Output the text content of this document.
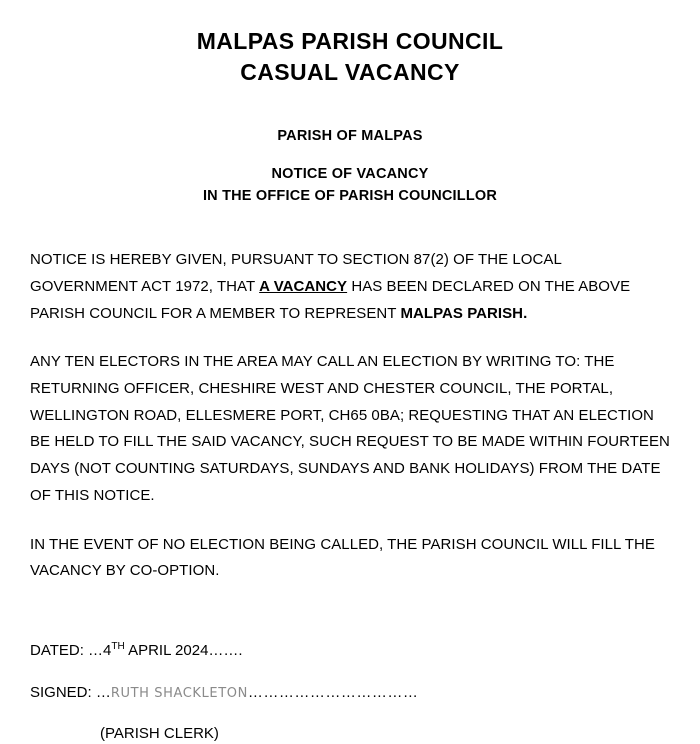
MALPAS PARISH COUNCIL
CASUAL VACANCY
PARISH OF MALPAS
NOTICE OF VACANCY
IN THE OFFICE OF PARISH COUNCILLOR

NOTICE IS HEREBY GIVEN, PURSUANT TO SECTION 87(2) OF THE LOCAL GOVERNMENT ACT 1972, THAT A VACANCY HAS BEEN DECLARED ON THE ABOVE PARISH COUNCIL FOR A MEMBER TO REPRESENT MALPAS PARISH.

ANY TEN ELECTORS IN THE AREA MAY CALL AN ELECTION BY WRITING TO: THE RETURNING OFFICER, CHESHIRE WEST AND CHESTER COUNCIL, THE PORTAL, WELLINGTON ROAD, ELLESMERE PORT, CH65 0BA; REQUESTING THAT AN ELECTION BE HELD TO FILL THE SAID VACANCY, SUCH REQUEST TO BE MADE WITHIN FOURTEEN DAYS (NOT COUNTING SATURDAYS, SUNDAYS AND BANK HOLIDAYS) FROM THE DATE OF THIS NOTICE.

IN THE EVENT OF NO ELECTION BEING CALLED, THE PARISH COUNCIL WILL FILL THE VACANCY BY CO-OPTION.

DATED: …4TH APRIL 2024…….
SIGNED: …RUTH SHACKLETON……………………………
(PARISH CLERK)
